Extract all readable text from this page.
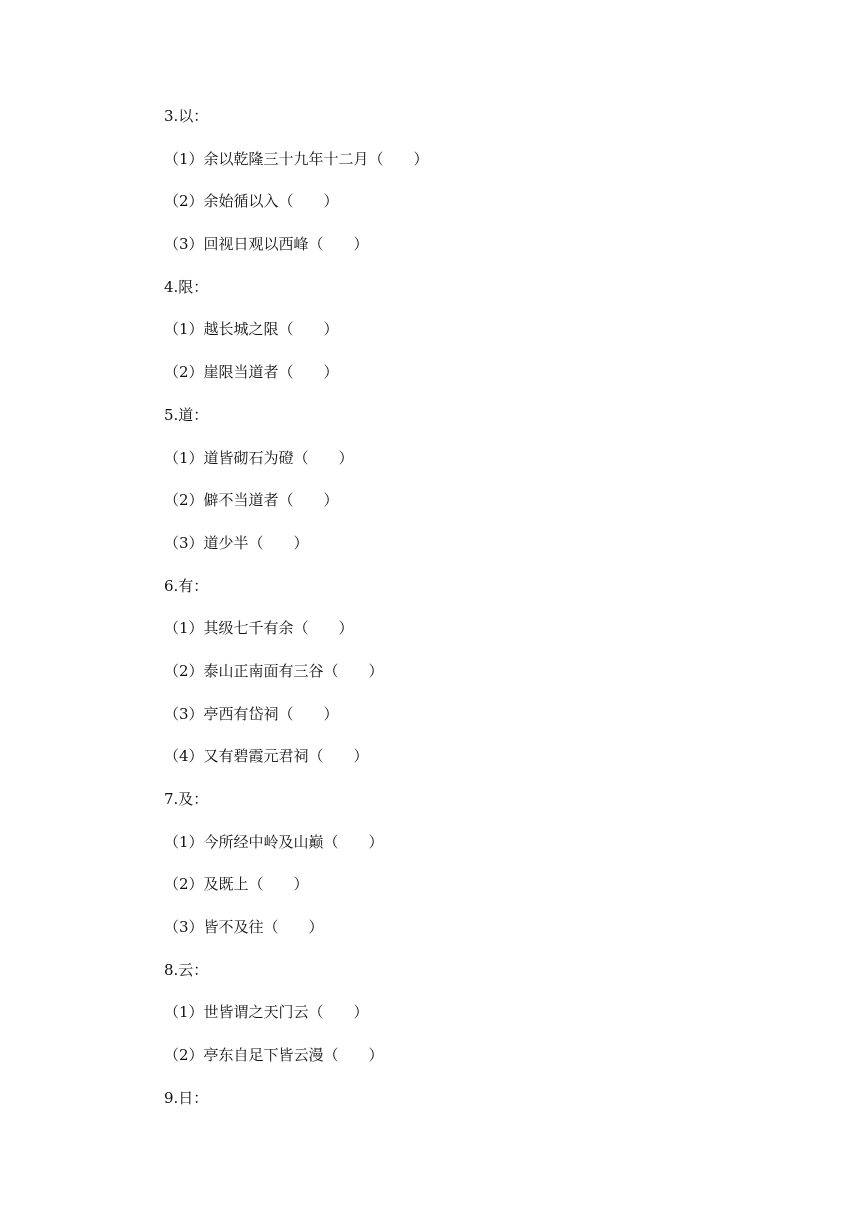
3.以：
（1）余以乾隆三十九年十二月（　　）
（2）余始循以入（　　）
（3）回视日观以西峰（　　）
4.限：
（1）越长城之限（　　）
（2）崖限当道者（　　）
5.道：
（1）道皆砌石为磴（　　）
（2）僻不当道者（　　）
（3）道少半（　　）
6.有：
（1）其级七千有余（　　）
（2）泰山正南面有三谷（　　）
（3）亭西有岱祠（　　）
（4）又有碧霞元君祠（　　）
7.及：
（1）今所经中岭及山巅（　　）
（2）及既上（　　）
（3）皆不及往（　　）
8.云：
（1）世皆谓之天门云（　　）
（2）亭东自足下皆云漫（　　）
9.日：
